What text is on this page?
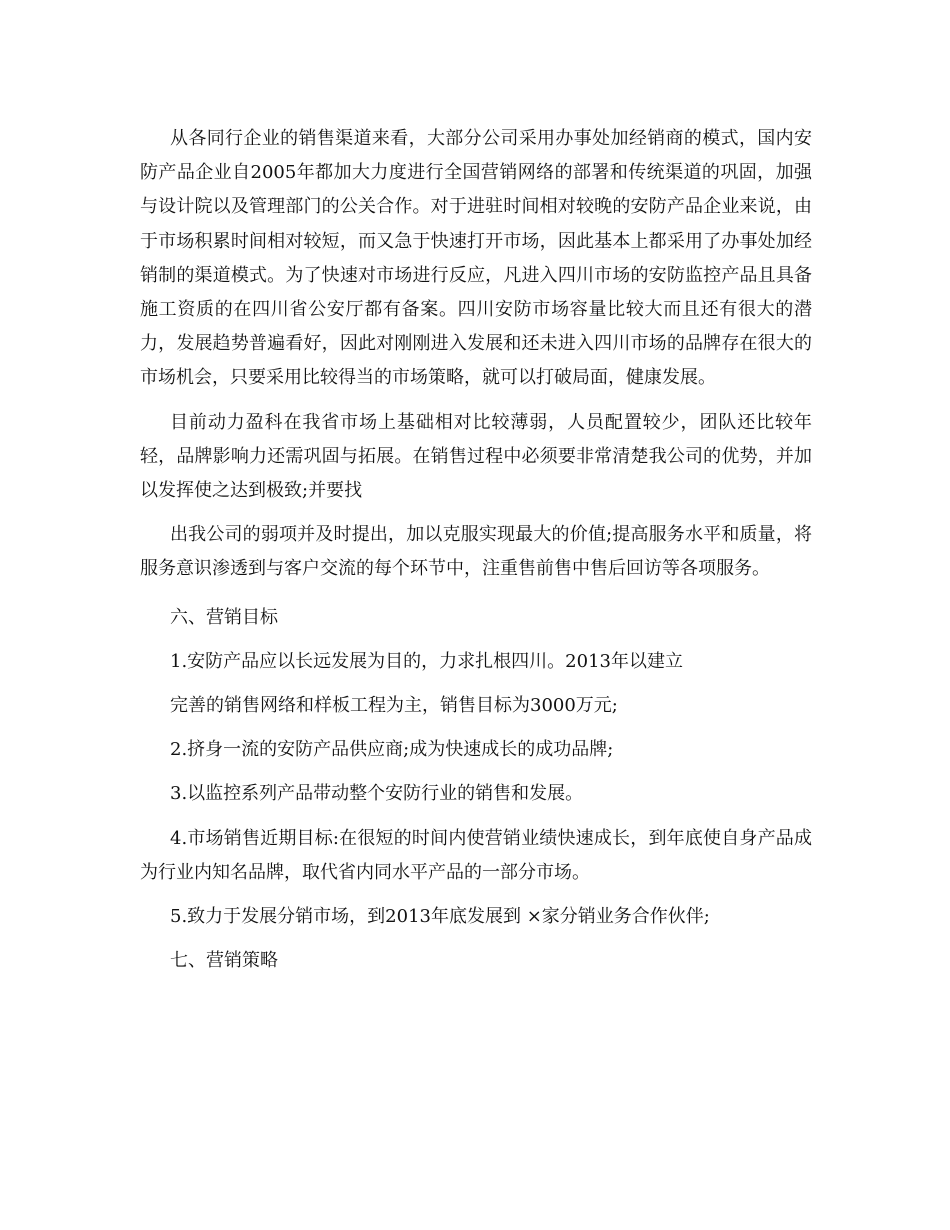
从各同行企业的销售渠道来看，大部分公司采用办事处加经销商的模式，国内安防产品企业自2005年都加大力度进行全国营销网络的部署和传统渠道的巩固，加强与设计院以及管理部门的公关合作。对于进驻时间相对较晚的安防产品企业来说，由于市场积累时间相对较短，而又急于快速打开市场，因此基本上都采用了办事处加经销制的渠道模式。为了快速对市场进行反应，凡进入四川市场的安防监控产品且具备施工资质的在四川省公安厅都有备案。四川安防市场容量比较大而且还有很大的潜力，发展趋势普遍看好，因此对刚刚进入发展和还未进入四川市场的品牌存在很大的市场机会，只要采用比较得当的市场策略，就可以打破局面，健康发展。

目前动力盈科在我省市场上基础相对比较薄弱，人员配置较少，团队还比较年轻，品牌影响力还需巩固与拓展。在销售过程中必须要非常清楚我公司的优势，并加以发挥使之达到极致;并要找

出我公司的弱项并及时提出，加以克服实现最大的价值;提高服务水平和质量，将服务意识渗透到与客户交流的每个环节中，注重售前售中售后回访等各项服务。

六、营销目标

1.安防产品应以长远发展为目的，力求扎根四川。2013年以建立

完善的销售网络和样板工程为主，销售目标为3000万元;

2.挤身一流的安防产品供应商;成为快速成长的成功品牌;

3.以监控系列产品带动整个安防行业的销售和发展。

4.市场销售近期目标:在很短的时间内使营销业绩快速成长，到年底使自身产品成为行业内知名品牌，取代省内同水平产品的一部分市场。

5.致力于发展分销市场，到2013年底发展到 ×家分销业务合作伙伴;

七、营销策略
